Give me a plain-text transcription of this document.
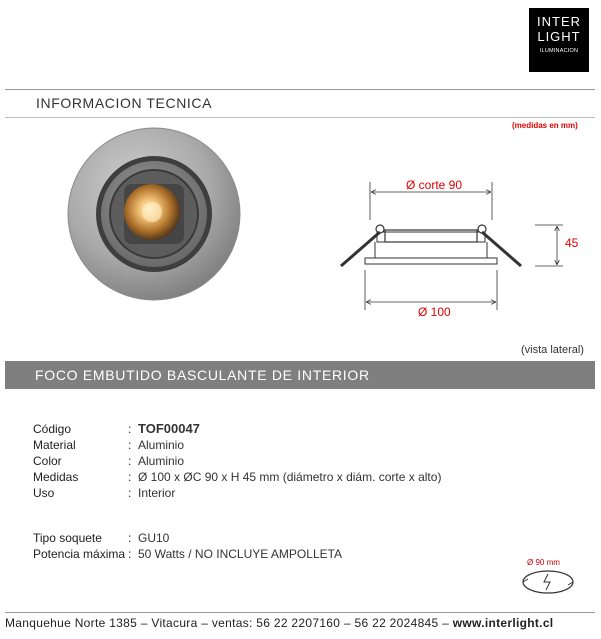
INTER
LIGHT
ILUMINACION
INFORMACION TECNICA
(medidas en mm)
Ø corte 90
45
Ø 100
(vista lateral)
FOCO EMBUTIDO BASCULANTE DE INTERIOR
Código	: TOF00047
Material	: Aluminio
Color	: Aluminio
Medidas	: Ø 100 x ØC 90 x H 45 mm (diámetro x diám. corte x alto)
Uso	: Interior
Tipo soquete : GU10
Potencia máxima : 50 Watts / NO INCLUYE AMPOLLETA
Ø 90 mm
Manquehue Norte 1385 – Vitacura – ventas: 56 22 2207160 – 56 22 2024845 – www.interlight.cl
